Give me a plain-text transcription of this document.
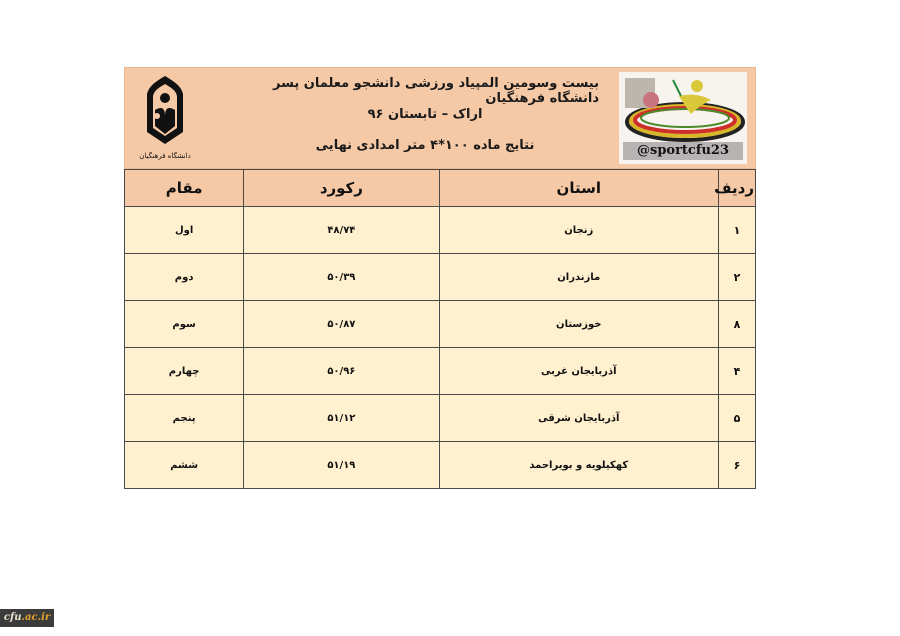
دانشگاه فرهنگیان
بیست وسومین المپیاد ورزشی دانشجو معلمان پسر دانشگاه فرهنگیان
اراک – تابستان ۹۶
نتایج ماده ۱۰۰*۴ متر امدادی نهایی	@sportcfu23
ردیف	استان	رکورد	مقام
۱	زنجان	۴۸/۷۴	اول
۲	مازندران	۵۰/۳۹	دوم
۸	خوزستان	۵۰/۸۷	سوم
۴	آذربایجان غربی	۵۰/۹۶	چهارم
۵	آذربایجان شرقی	۵۱/۱۲	پنجم
۶	کهکیلویه و بویراحمد	۵۱/۱۹	ششم
cfu.ac.ir
